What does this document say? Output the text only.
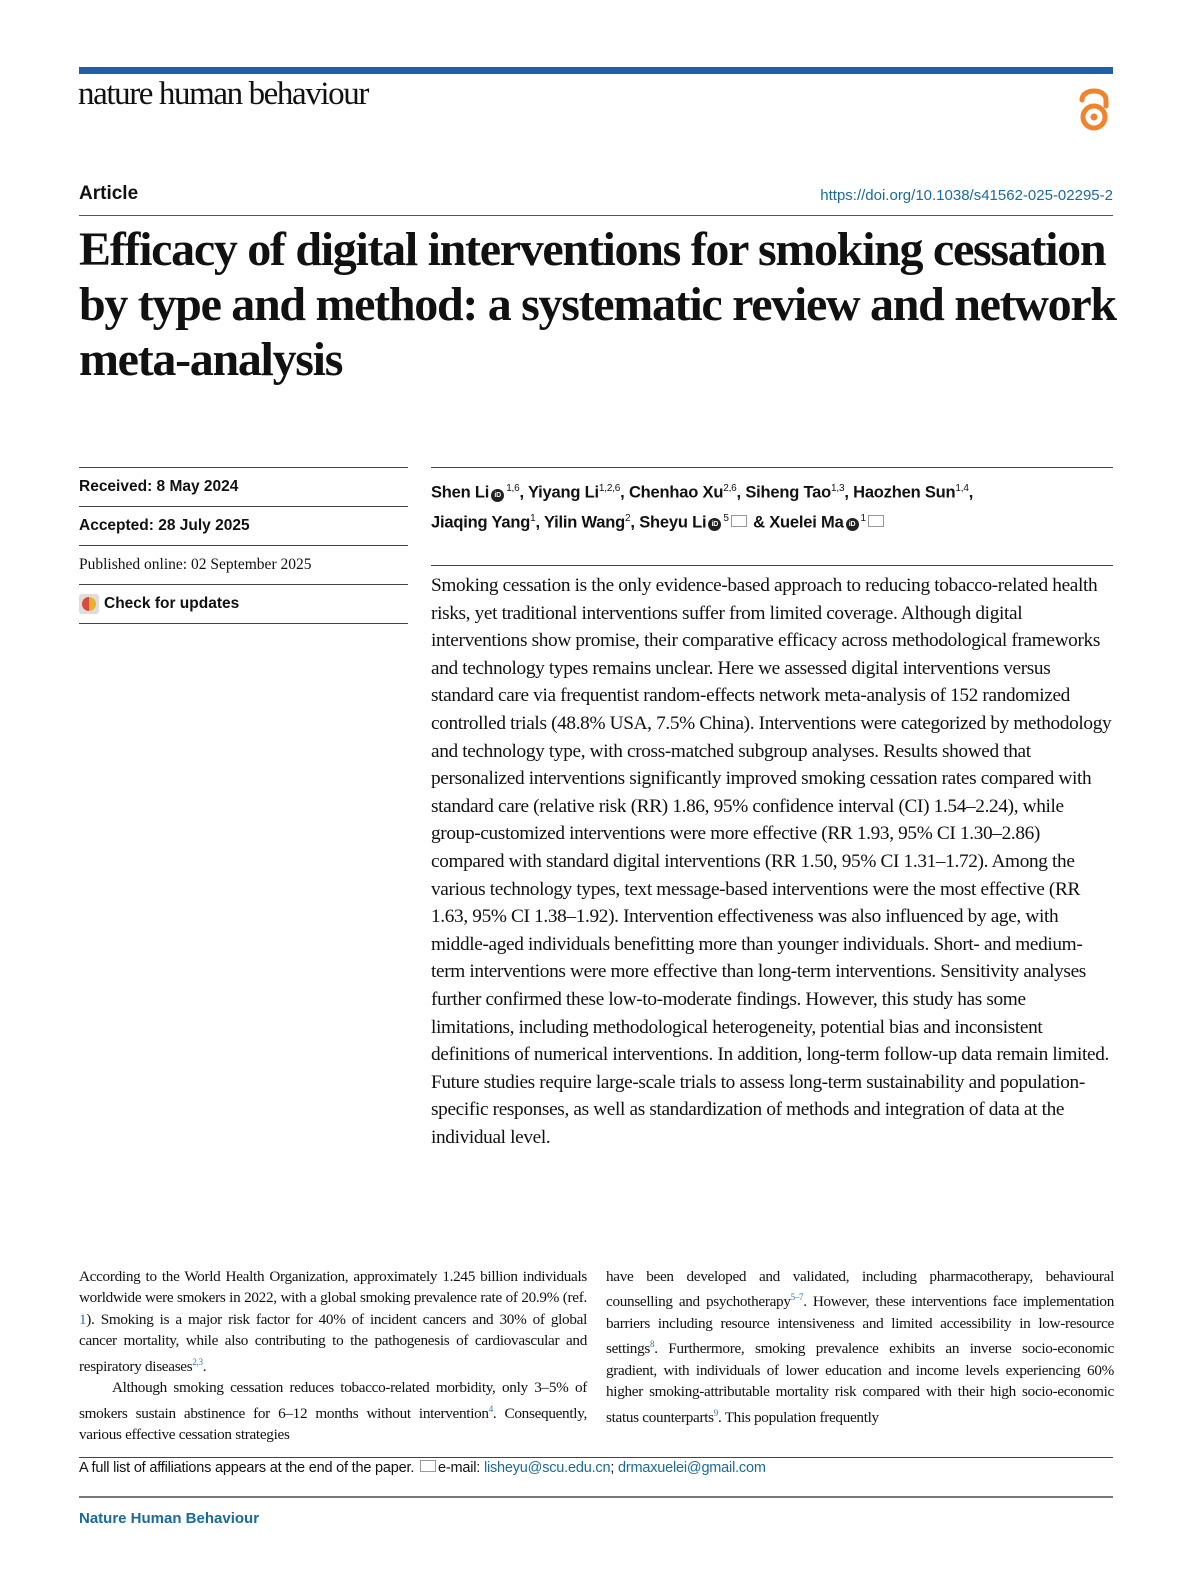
nature human behaviour
Article	https://doi.org/10.1038/s41562-025-02295-2
Efficacy of digital interventions for smoking cessation by type and method: a systematic review and network meta-analysis
Received: 8 May 2024
Accepted: 28 July 2025
Published online: 02 September 2025
Check for updates
Shen Li iD$^{1,6}$, Yiyang Li$^{1,2,6}$, Chenhao Xu$^{2,6}$, Siheng Tao$^{1,3}$, Haozhen Sun$^{1,4}$,
Jiaqing Yang$^1$, Yilin Wang$^2$, Sheyu Li $iD^5$ & Xuelei Ma $iD^1$
Smoking cessation is the only evidence-based approach to reducing tobacco-related health risks, yet traditional interventions suffer from limited coverage. Although digital interventions show promise, their comparative efficacy across methodological frameworks and technology types remains unclear. Here we assessed digital interventions versus standard care via frequentist random-effects network meta-analysis of 152 randomized controlled trials (48.8% USA, 7.5% China). Interventions were categorized by methodology and technology type, with cross-matched subgroup analyses. Results showed that personalized interventions significantly improved smoking cessation rates compared with standard care (relative risk (RR) 1.86, 95% confidence interval (CI) 1.54–2.24), while group-customized interventions were more effective (RR 1.93, 95% CI 1.30–2.86) compared with standard digital interventions (RR 1.50, 95% CI 1.31–1.72). Among the various technology types, text message-based interventions were the most effective (RR 1.63, 95% CI 1.38–1.92). Intervention effectiveness was also influenced by age, with middle-aged individuals benefitting more than younger individuals. Short- and medium-term interventions were more effective than long-term interventions. Sensitivity analyses further confirmed these low-to-moderate findings. However, this study has some limitations, including methodological heterogeneity, potential bias and inconsistent definitions of numerical interventions. In addition, long-term follow-up data remain limited. Future studies require large-scale trials to assess long-term sustainability and population-specific responses, as well as standardization of methods and integration of data at the individual level.

According to the World Health Organization, approximately 1.245 billion individuals worldwide were smokers in 2022, with a global smoking prevalence rate of 20.9% (ref. 1). Smoking is a major risk factor for 40% of incident cancers and 30% of global cancer mortality, while also contributing to the pathogenesis of cardiovascular and respiratory diseases$^{2,3}$.

Although smoking cessation reduces tobacco-related morbidity, only 3–5% of smokers sustain abstinence for 6–12 months without intervention$^4$. Consequently, various effective cessation strategies

have been developed and validated, including pharmacotherapy, behavioural counselling and psychotherapy$^{5-7}$. However, these interventions face implementation barriers including resource intensiveness and limited accessibility in low-resource settings$^8$. Furthermore, smoking prevalence exhibits an inverse socio-economic gradient, with individuals of lower education and income levels experiencing 60% higher smoking-attributable mortality risk compared with their high socio-economic status counterparts$^9$. This population frequently

A full list of affiliations appears at the end of the paper. e-mail: lisheyu@scu.edu.cn; drmaxuelei@gmail.com
Nature Human Behaviour
